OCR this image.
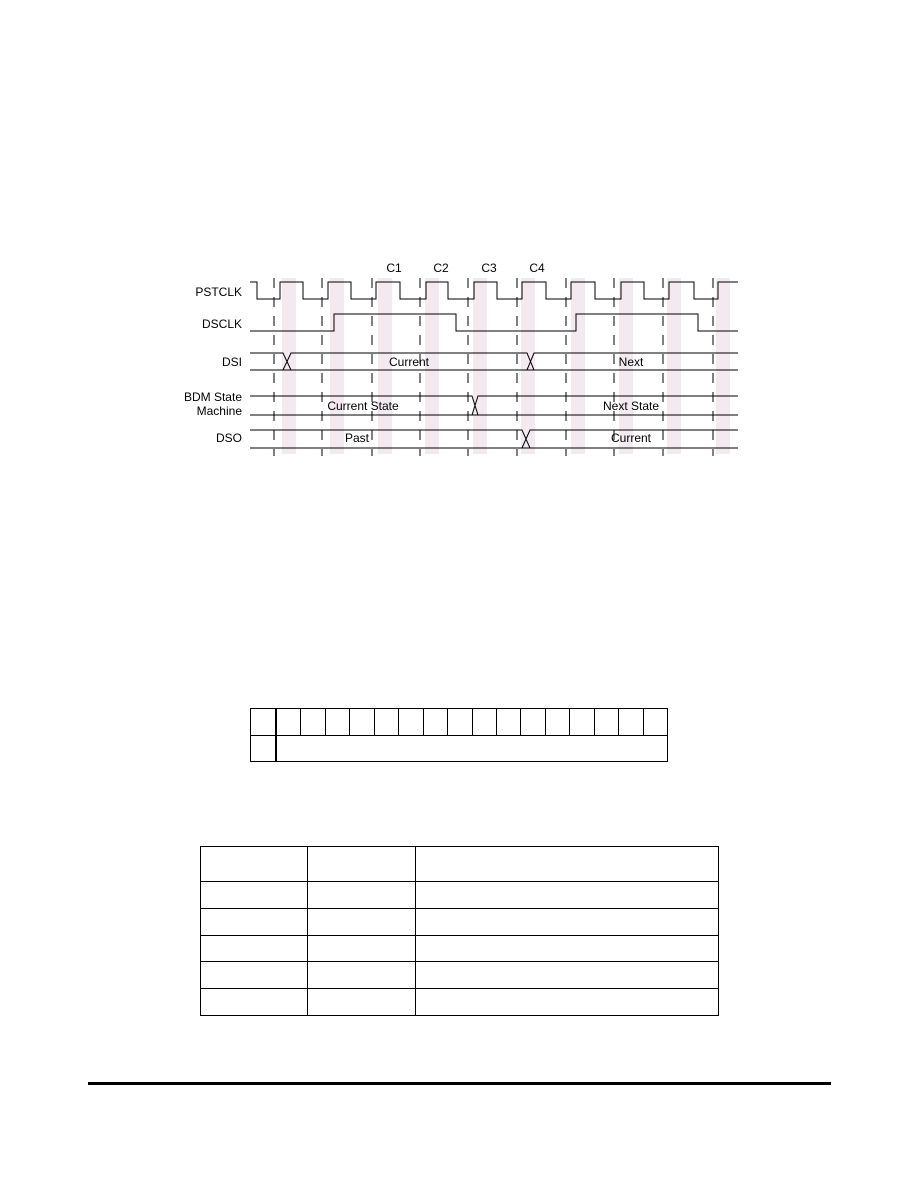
PSTCLK
DSCLK
DSI
BDM State
Machine
DSO
C1	C2	C3	C4
Current	Next
Current State	Next State
Past	Current
